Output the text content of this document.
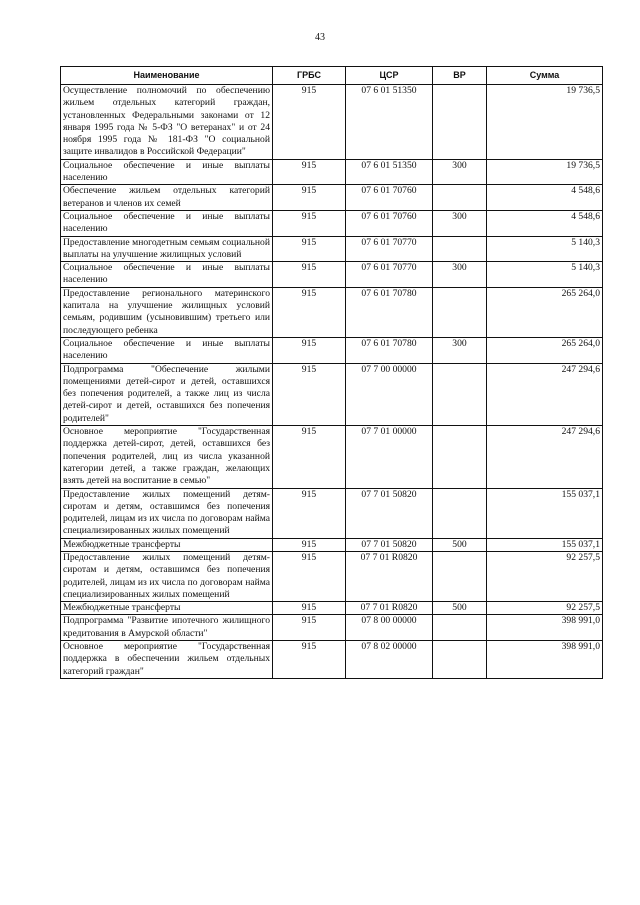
43
Наименование	ГРБС	ЦСР	ВР	Сумма
Осуществление полномочий по обеспечению жильем отдельных категорий граждан, установленных Федеральными законами от 12 января 1995 года № 5-ФЗ "О ветеранах" и от 24 ноября 1995 года № 181-ФЗ "О социальной защите инвалидов в Российской Федерации"	915	07 6 01 51350		19 736,5
Социальное обеспечение и иные выплаты населению	915	07 6 01 51350	300	19 736,5
Обеспечение жильем отдельных категорий ветеранов и членов их семей	915	07 6 01 70760		4 548,6
Социальное обеспечение и иные выплаты населению	915	07 6 01 70760	300	4 548,6
Предоставление многодетным семьям социальной выплаты на улучшение жилищных условий	915	07 6 01 70770		5 140,3
Социальное обеспечение и иные выплаты населению	915	07 6 01 70770	300	5 140,3
Предоставление регионального материнского капитала на улучшение жилищных условий семьям, родившим (усыновившим) третьего или последующего ребенка	915	07 6 01 70780		265 264,0
Социальное обеспечение и иные выплаты населению	915	07 6 01 70780	300	265 264,0
Подпрограмма "Обеспечение жилыми помещениями детей-сирот и детей, оставшихся без попечения родителей, а также лиц из числа детей-сирот и детей, оставшихся без попечения родителей"	915	07 7 00 00000		247 294,6
Основное мероприятие "Государственная поддержка детей-сирот, детей, оставшихся без попечения родителей, лиц из числа указанной категории детей, а также граждан, желающих взять детей на воспитание в семью"	915	07 7 01 00000		247 294,6
Предоставление жилых помещений детям-сиротам и детям, оставшимся без попечения родителей, лицам из их числа по договорам найма специализированных жилых помещений	915	07 7 01 50820		155 037,1
Межбюджетные трансферты	915	07 7 01 50820	500	155 037,1
Предоставление жилых помещений детям-сиротам и детям, оставшимся без попечения родителей, лицам из их числа по договорам найма специализированных жилых помещений	915	07 7 01 R0820		92 257,5
Межбюджетные трансферты	915	07 7 01 R0820	500	92 257,5
Подпрограмма "Развитие ипотечного жилищного кредитования в Амурской области"	915	07 8 00 00000		398 991,0
Основное мероприятие "Государственная поддержка в обеспечении жильем отдельных категорий граждан"	915	07 8 02 00000		398 991,0
